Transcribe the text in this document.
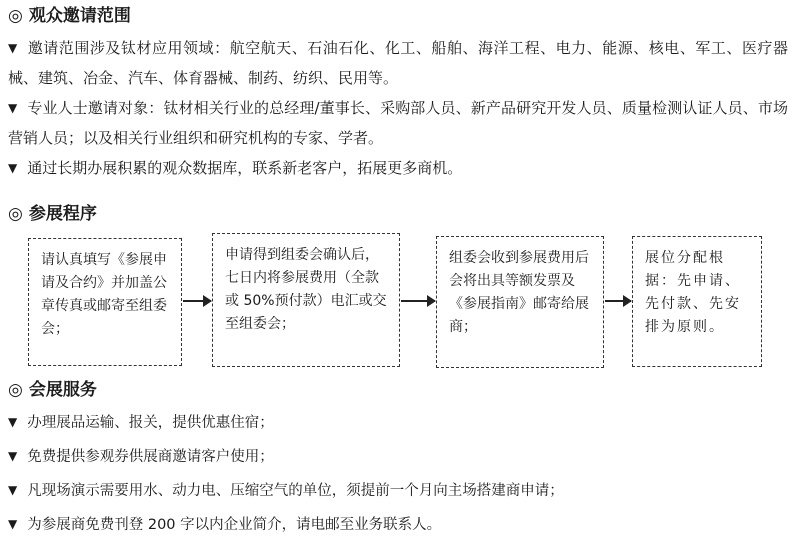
◎ 观众邀请范围
▼ 邀请范围涉及钛材应用领域：航空航天、石油石化、化工、船舶、海洋工程、电力、能源、核电、军工、医疗器械、建筑、冶金、汽车、体育器械、制药、纺织、民用等。
▼ 专业人士邀请对象：钛材相关行业的总经理/董事长、采购部人员、新产品研究开发人员、质量检测认证人员、市场营销人员；以及相关行业组织和研究机构的专家、学者。
▼ 通过长期办展积累的观众数据库，联系新老客户，拓展更多商机。
◎ 参展程序
请认真填写《参展申请及合约》并加盖公章传真或邮寄至组委会；
申请得到组委会确认后，七日内将参展费用（全款或 50%预付款）电汇或交至组委会；
组委会收到参展费用后会将出具等额发票及《参展指南》邮寄给展商；
展位分配根据：先申请、先付款、先安排为原则。
◎ 会展服务
▼ 办理展品运输、报关，提供优惠住宿；
▼ 免费提供参观券供展商邀请客户使用；
▼ 凡现场演示需要用水、动力电、压缩空气的单位，须提前一个月向主场搭建商申请；
▼ 为参展商免费刊登 200 字以内企业简介，请电邮至业务联系人。
